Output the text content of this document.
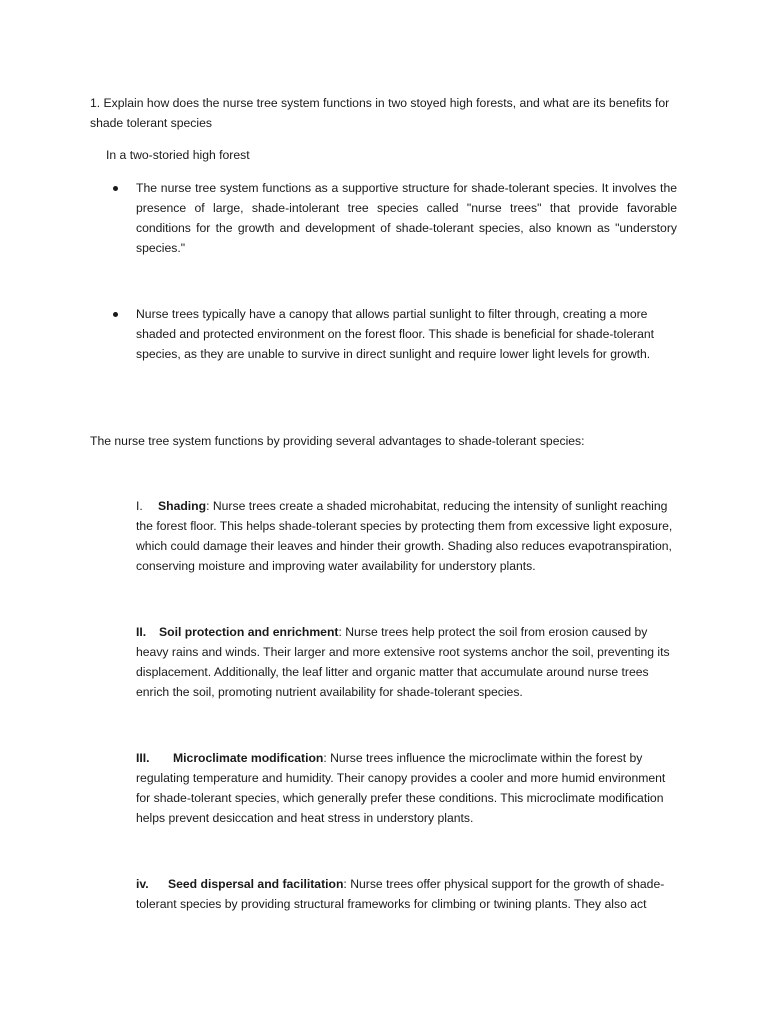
1. Explain how does the nurse tree system functions in two stoyed high forests, and what are its benefits for shade tolerant species

In a two-storied high forest

The nurse tree system functions as a supportive structure for shade-tolerant species. It involves the presence of large, shade-intolerant tree species called "nurse trees" that provide favorable conditions for the growth and development of shade-tolerant species, also known as "understory species."
Nurse trees typically have a canopy that allows partial sunlight to filter through, creating a more shaded and protected environment on the forest floor. This shade is beneficial for shade-tolerant species, as they are unable to survive in direct sunlight and require lower light levels for growth.

The nurse tree system functions by providing several advantages to shade-tolerant species:

I. Shading: Nurse trees create a shaded microhabitat, reducing the intensity of sunlight reaching the forest floor. This helps shade-tolerant species by protecting them from excessive light exposure, which could damage their leaves and hinder their growth. Shading also reduces evapotranspiration, conserving moisture and improving water availability for understory plants.
II. Soil protection and enrichment: Nurse trees help protect the soil from erosion caused by heavy rains and winds. Their larger and more extensive root systems anchor the soil, preventing its displacement. Additionally, the leaf litter and organic matter that accumulate around nurse trees enrich the soil, promoting nutrient availability for shade-tolerant species.
III. Microclimate modification: Nurse trees influence the microclimate within the forest by regulating temperature and humidity. Their canopy provides a cooler and more humid environment for shade-tolerant species, which generally prefer these conditions. This microclimate modification helps prevent desiccation and heat stress in understory plants.
iv. Seed dispersal and facilitation: Nurse trees offer physical support for the growth of shade-tolerant species by providing structural frameworks for climbing or twining plants. They also act
